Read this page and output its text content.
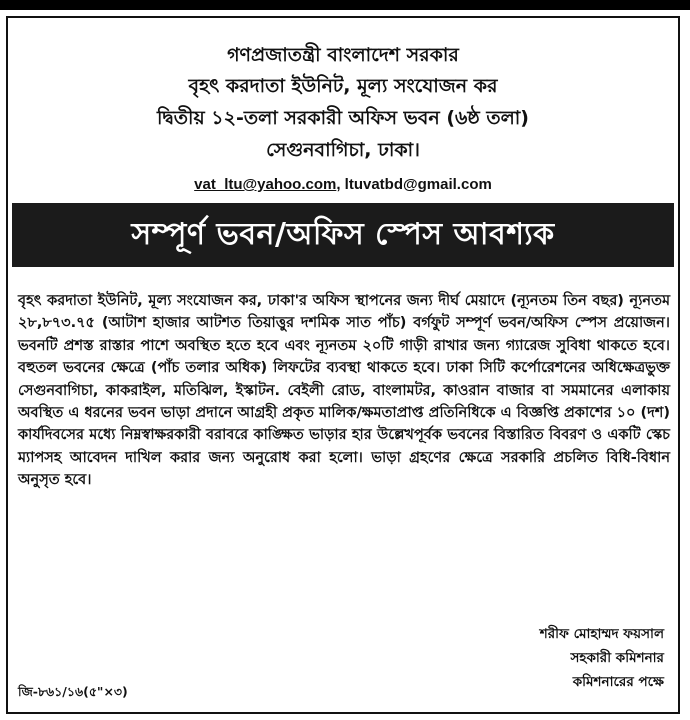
গণপ্রজাতন্ত্রী বাংলাদেশ সরকার
বৃহৎ করদাতা ইউনিট, মূল্য সংযোজন কর
দ্বিতীয় ১২-তলা সরকারী অফিস ভবন (৬ষ্ঠ তলা)
সেগুনবাগিচা, ঢাকা।
vat_ltu@yahoo.com, ltuvatbd@gmail.com
সম্পূর্ণ ভবন/অফিস স্পেস আবশ্যক
বৃহৎ করদাতা ইউনিট, মূল্য সংযোজন কর, ঢাকা'র অফিস স্থাপনের জন্য দীর্ঘ মেয়াদে (ন্যূনতম তিন বছর) ন্যূনতম ২৮,৮৭৩.৭৫ (আটাশ হাজার আটশত তিয়াত্তুর দশমিক সাত পাঁচ) বর্গফুট সম্পূর্ণ ভবন/অফিস স্পেস প্রয়োজন। ভবনটি প্রশস্ত রাস্তার পাশে অবস্থিত হতে হবে এবং ন্যূনতম ২০টি গাড়ী রাখার জন্য গ্যারেজ সুবিধা থাকতে হবে। বহুতল ভবনের ক্ষেত্রে (পাঁচ তলার অধিক) লিফটের ব্যবস্থা থাকতে হবে। ঢাকা সিটি কর্পোরেশনের অধিক্ষেত্রভুক্ত সেগুনবাগিচা, কাকরাইল, মতিঝিল, ইস্কাটন. বেইলী রোড, বাংলামটর, কাওরান বাজার বা সমমানের এলাকায় অবস্থিত এ ধরনের ভবন ভাড়া প্রদানে আগ্রহী প্রকৃত মালিক/ক্ষমতাপ্রাপ্ত প্রতিনিধিকে এ বিজ্ঞপ্তি প্রকাশের ১০ (দশ) কার্যদিবসের মধ্যে নিম্নস্বাক্ষরকারী বরাবরে কাঙ্ক্ষিত ভাড়ার হার উল্লেখপূর্বক ভবনের বিস্তারিত বিবরণ ও একটি স্কেচ ম্যাপসহ আবেদন দাখিল করার জন্য অনুরোধ করা হলো। ভাড়া গ্রহণের ক্ষেত্রে সরকারি প্রচলিত বিধি-বিধান অনুসৃত হবে।
শরীফ মোহাম্মদ ফয়সাল
সহকারী কমিশনার
কমিশনারের পক্ষে
জি-৮৬১/১৬(৫"×৩)
